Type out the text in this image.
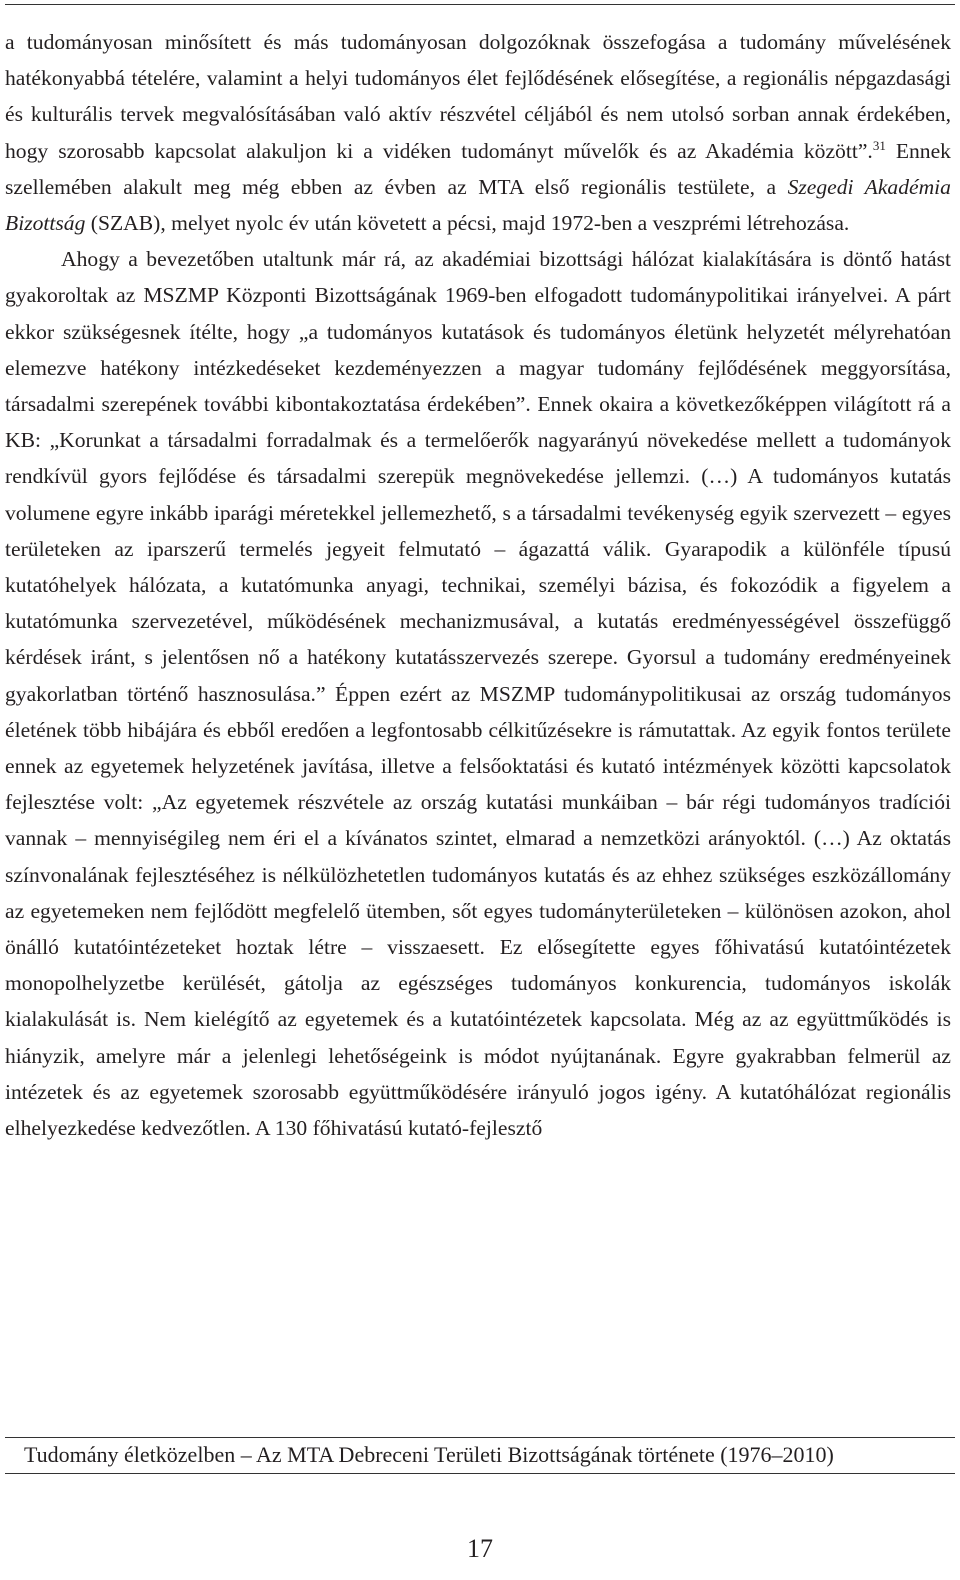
a tudományosan minősített és más tudományosan dolgozóknak összefogása a tudomány művelésének hatékonyabbá tételére, valamint a helyi tudományos élet fejlődésének elősegítése, a regionális népgazdasági és kulturális tervek megvalósításában való aktív részvétel céljából és nem utolsó sorban annak érdekében, hogy szorosabb kapcsolat alakuljon ki a vidéken tudományt művelők és az Akadémia között”.$^{31}$ Ennek szellemében alakult meg még ebben az évben az MTA első regionális testülete, a Szegedi Akadémia Bizottság (SZAB), melyet nyolc év után követett a pécsi, majd 1972-ben a veszprémi létrehozása.

Ahogy a bevezetőben utaltunk már rá, az akadémiai bizottsági hálózat kialakítására is döntő hatást gyakoroltak az MSZMP Központi Bizottságának 1969-ben elfogadott tudománypolitikai irányelvei. A párt ekkor szükségesnek ítélte, hogy „a tudományos kutatások és tudományos életünk helyzetét mélyrehatóan elemezve hatékony intézkedéseket kezdeményezzen a magyar tudomány fejlődésének meggyorsítása, társadalmi szerepének további kibontakoztatása érdekében”. Ennek okaira a következőképpen világított rá a KB: „Korunkat a társadalmi forradalmak és a termelőerők nagyarányú növekedése mellett a tudományok rendkívül gyors fejlődése és társadalmi szerepük megnövekedése jellemzi. (…) A tudományos kutatás volumene egyre inkább iparági méretekkel jellemezhető, s a társadalmi tevékenység egyik szervezett – egyes területeken az iparszerű termelés jegyeit felmutató – ágazattá válik. Gyarapodik a különféle típusú kutatóhelyek hálózata, a kutatómunka anyagi, technikai, személyi bázisa, és fokozódik a figyelem a kutatómunka szervezetével, működésének mechanizmusával, a kutatás eredményességével összefüggő kérdések iránt, s jelentősen nő a hatékony kutatásszervezés szerepe. Gyorsul a tudomány eredményeinek gyakorlatban történő hasznosulása.” Éppen ezért az MSZMP tudománypolitikusai az ország tudományos életének több hibájára és ebből eredően a legfontosabb célkitűzésekre is rámutattak. Az egyik fontos területe ennek az egyetemek helyzetének javítása, illetve a felsőoktatási és kutató intézmények közötti kapcsolatok fejlesztése volt: „Az egyetemek részvétele az ország kutatási munkáiban – bár régi tudományos tradíciói vannak – mennyiségileg nem éri el a kívánatos szintet, elmarad a nemzetközi arányoktól. (…) Az oktatás színvonalának fejlesztéséhez is nélkülözhetetlen tudományos kutatás és az ehhez szükséges eszközállomány az egyetemeken nem fejlődött megfelelő ütemben, sőt egyes tudományterületeken – különösen azokon, ahol önálló kutatóintézeteket hoztak létre – visszaesett. Ez elősegítette egyes főhivatású kutatóintézetek monopolhelyzetbe kerülését, gátolja az egészséges tudományos konkurencia, tudományos iskolák kialakulását is. Nem kielégítő az egyetemek és a kutatóintézetek kapcsolata. Még az az együttműködés is hiányzik, amelyre már a jelenlegi lehetőségeink is módot nyújtanának. Egyre gyakrabban felmerül az intézetek és az egyetemek szorosabb együttműködésére irányuló jogos igény. A kutatóhálózat regionális elhelyezkedése kedvezőtlen. A 130 főhivatású kutató-fejlesztő

Tudomány életközelben – Az MTA Debreceni Területi Bizottságának története (1976–2010)
17
